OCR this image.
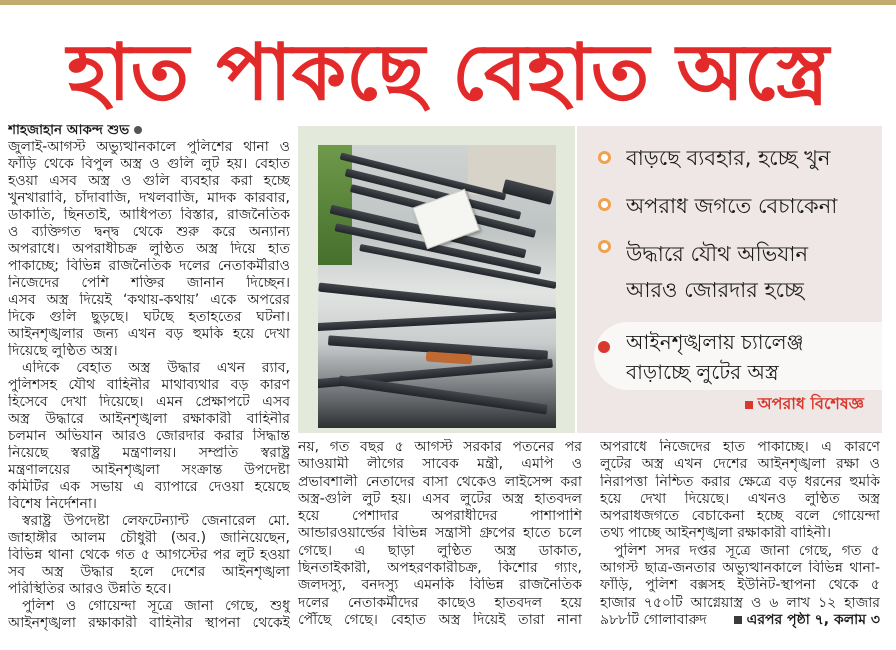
হাত পাকছে বেহাত অস্ত্রে
শাহজাহান আকন্দ শুভ
জুলাই-আগস্ট অভ্যুত্থানকালে পুলিশের থানা ও
ফাঁড়ি থেকে বিপুল অস্ত্র ও গুলি লুট হয়। বেহাত
হওয়া এসব অস্ত্র ও গুলি ব্যবহার করা হচ্ছে
খুনখারাবি, চাঁদাবাজি, দখলবাজি, মাদক কারবার,
ডাকাতি, ছিনতাই, আধিপত্য বিস্তার, রাজনৈতিক
ও ব্যক্তিগত দ্বন্দ্ব থেকে শুরু করে অন্যান্য
অপরাধে। অপরাধীচক্র লুণ্ঠিত অস্ত্র দিয়ে হাত
পাকাচ্ছে; বিভিন্ন রাজনৈতিক দলের নেতাকর্মীরাও
নিজেদের পেশি শক্তির জানান দিচ্ছেন।
এসব অস্ত্র দিয়েই ‘কথায়-কথায়’ একে অপরের
দিকে গুলি ছুড়ছে। ঘটছে হতাহতের ঘটনা।
আইনশৃঙ্খলার জন্য এখন বড় হুমকি হয়ে দেখা
দিয়েছে লুণ্ঠিত অস্ত্র।
এদিকে বেহাত অস্ত্র উদ্ধার এখন র‍্যাব,
পুলিশসহ যৌথ বাহিনীর মাথাব্যথার বড় কারণ
হিসেবে দেখা দিয়েছে। এমন প্রেক্ষাপটে এসব
অস্ত্র উদ্ধারে আইনশৃঙ্খলা রক্ষাকারী বাহিনীর
চলমান অভিযান আরও জোরদার করার সিদ্ধান্ত
নিয়েছে স্বরাষ্ট্র মন্ত্রণালয়। সম্প্রতি স্বরাষ্ট্র
মন্ত্রণালয়ের আইনশৃঙ্খলা সংক্রান্ত উপদেষ্টা
কমিটির এক সভায় এ ব্যাপারে দেওয়া হয়েছে
বিশেষ নির্দেশনা।
স্বরাষ্ট্র উপদেষ্টা লেফটেন্যান্ট জেনারেল মো.
জাহাঙ্গীর আলম চৌধুরী (অব.) জানিয়েছেন,
বিভিন্ন থানা থেকে গত ৫ আগস্টের পর লুট হওয়া
সব অস্ত্র উদ্ধার হলে দেশের আইনশৃঙ্খলা
পরিস্থিতির আরও উন্নতি হবে।
পুলিশ ও গোয়েন্দা সূত্রে জানা গেছে, শুধু
আইনশৃঙ্খলা রক্ষাকারী বাহিনীর স্থাপনা থেকেই
বাড়ছে ব্যবহার, হচ্ছে খুন
অপরাধ জগতে বেচাকেনা
উদ্ধারে যৌথ অভিযান
আরও জোরদার হচ্ছে
আইনশৃঙ্খলায় চ্যালেঞ্জ
বাড়াচ্ছে লুটের অস্ত্র
অপরাধ বিশেষজ্ঞ
নয়, গত বছর ৫ আগস্ট সরকার পতনের পর
আওয়ামী লীগের সাবেক মন্ত্রী, এমপি ও
প্রভাবশালী নেতাদের বাসা থেকেও লাইসেন্স করা
অস্ত্র-গুলি লুট হয়। এসব লুটের অস্ত্র হাতবদল
হয়ে পেশাদার অপরাধীদের পাশাপাশি
আন্ডারওয়ার্ল্ডের বিভিন্ন সন্ত্রাসী গ্রুপের হাতে চলে
গেছে। এ ছাড়া লুণ্ঠিত অস্ত্র ডাকাত,
ছিনতাইকারী, অপহরণকারীচক্র, কিশোর গ্যাং,
জলদস্যু, বনদস্যু এমনকি বিভিন্ন রাজনৈতিক
দলের নেতাকর্মীদের কাছেও হাতবদল হয়ে
পৌঁছে গেছে। বেহাত অস্ত্র দিয়েই তারা নানা
অপরাধে নিজেদের হাত পাকাচ্ছে। এ কারণে
লুটের অস্ত্র এখন দেশের আইনশৃঙ্খলা রক্ষা ও
নিরাপত্তা নিশ্চিত করার ক্ষেত্রে বড় ধরনের হুমকি
হয়ে দেখা দিয়েছে। এখনও লুণ্ঠিত অস্ত্র
অপরাধজগতে বেচাকেনা হচ্ছে বলে গোয়েন্দা
তথ্য পাচ্ছে আইনশৃঙ্খলা রক্ষাকারী বাহিনী।
পুলিশ সদর দপ্তর সূত্রে জানা গেছে, গত ৫
আগস্ট ছাত্র-জনতার অভ্যুত্থানকালে বিভিন্ন থানা-
ফাঁড়ি, পুলিশ বক্সসহ ইউনিট-স্থাপনা থেকে ৫
হাজার ৭৫০টি আগ্নেয়াস্ত্র ও ৬ লাখ ১২ হাজার
৯৮৮টি গোলাবারুদ	এরপর পৃষ্ঠা ৭, কলাম ৩
